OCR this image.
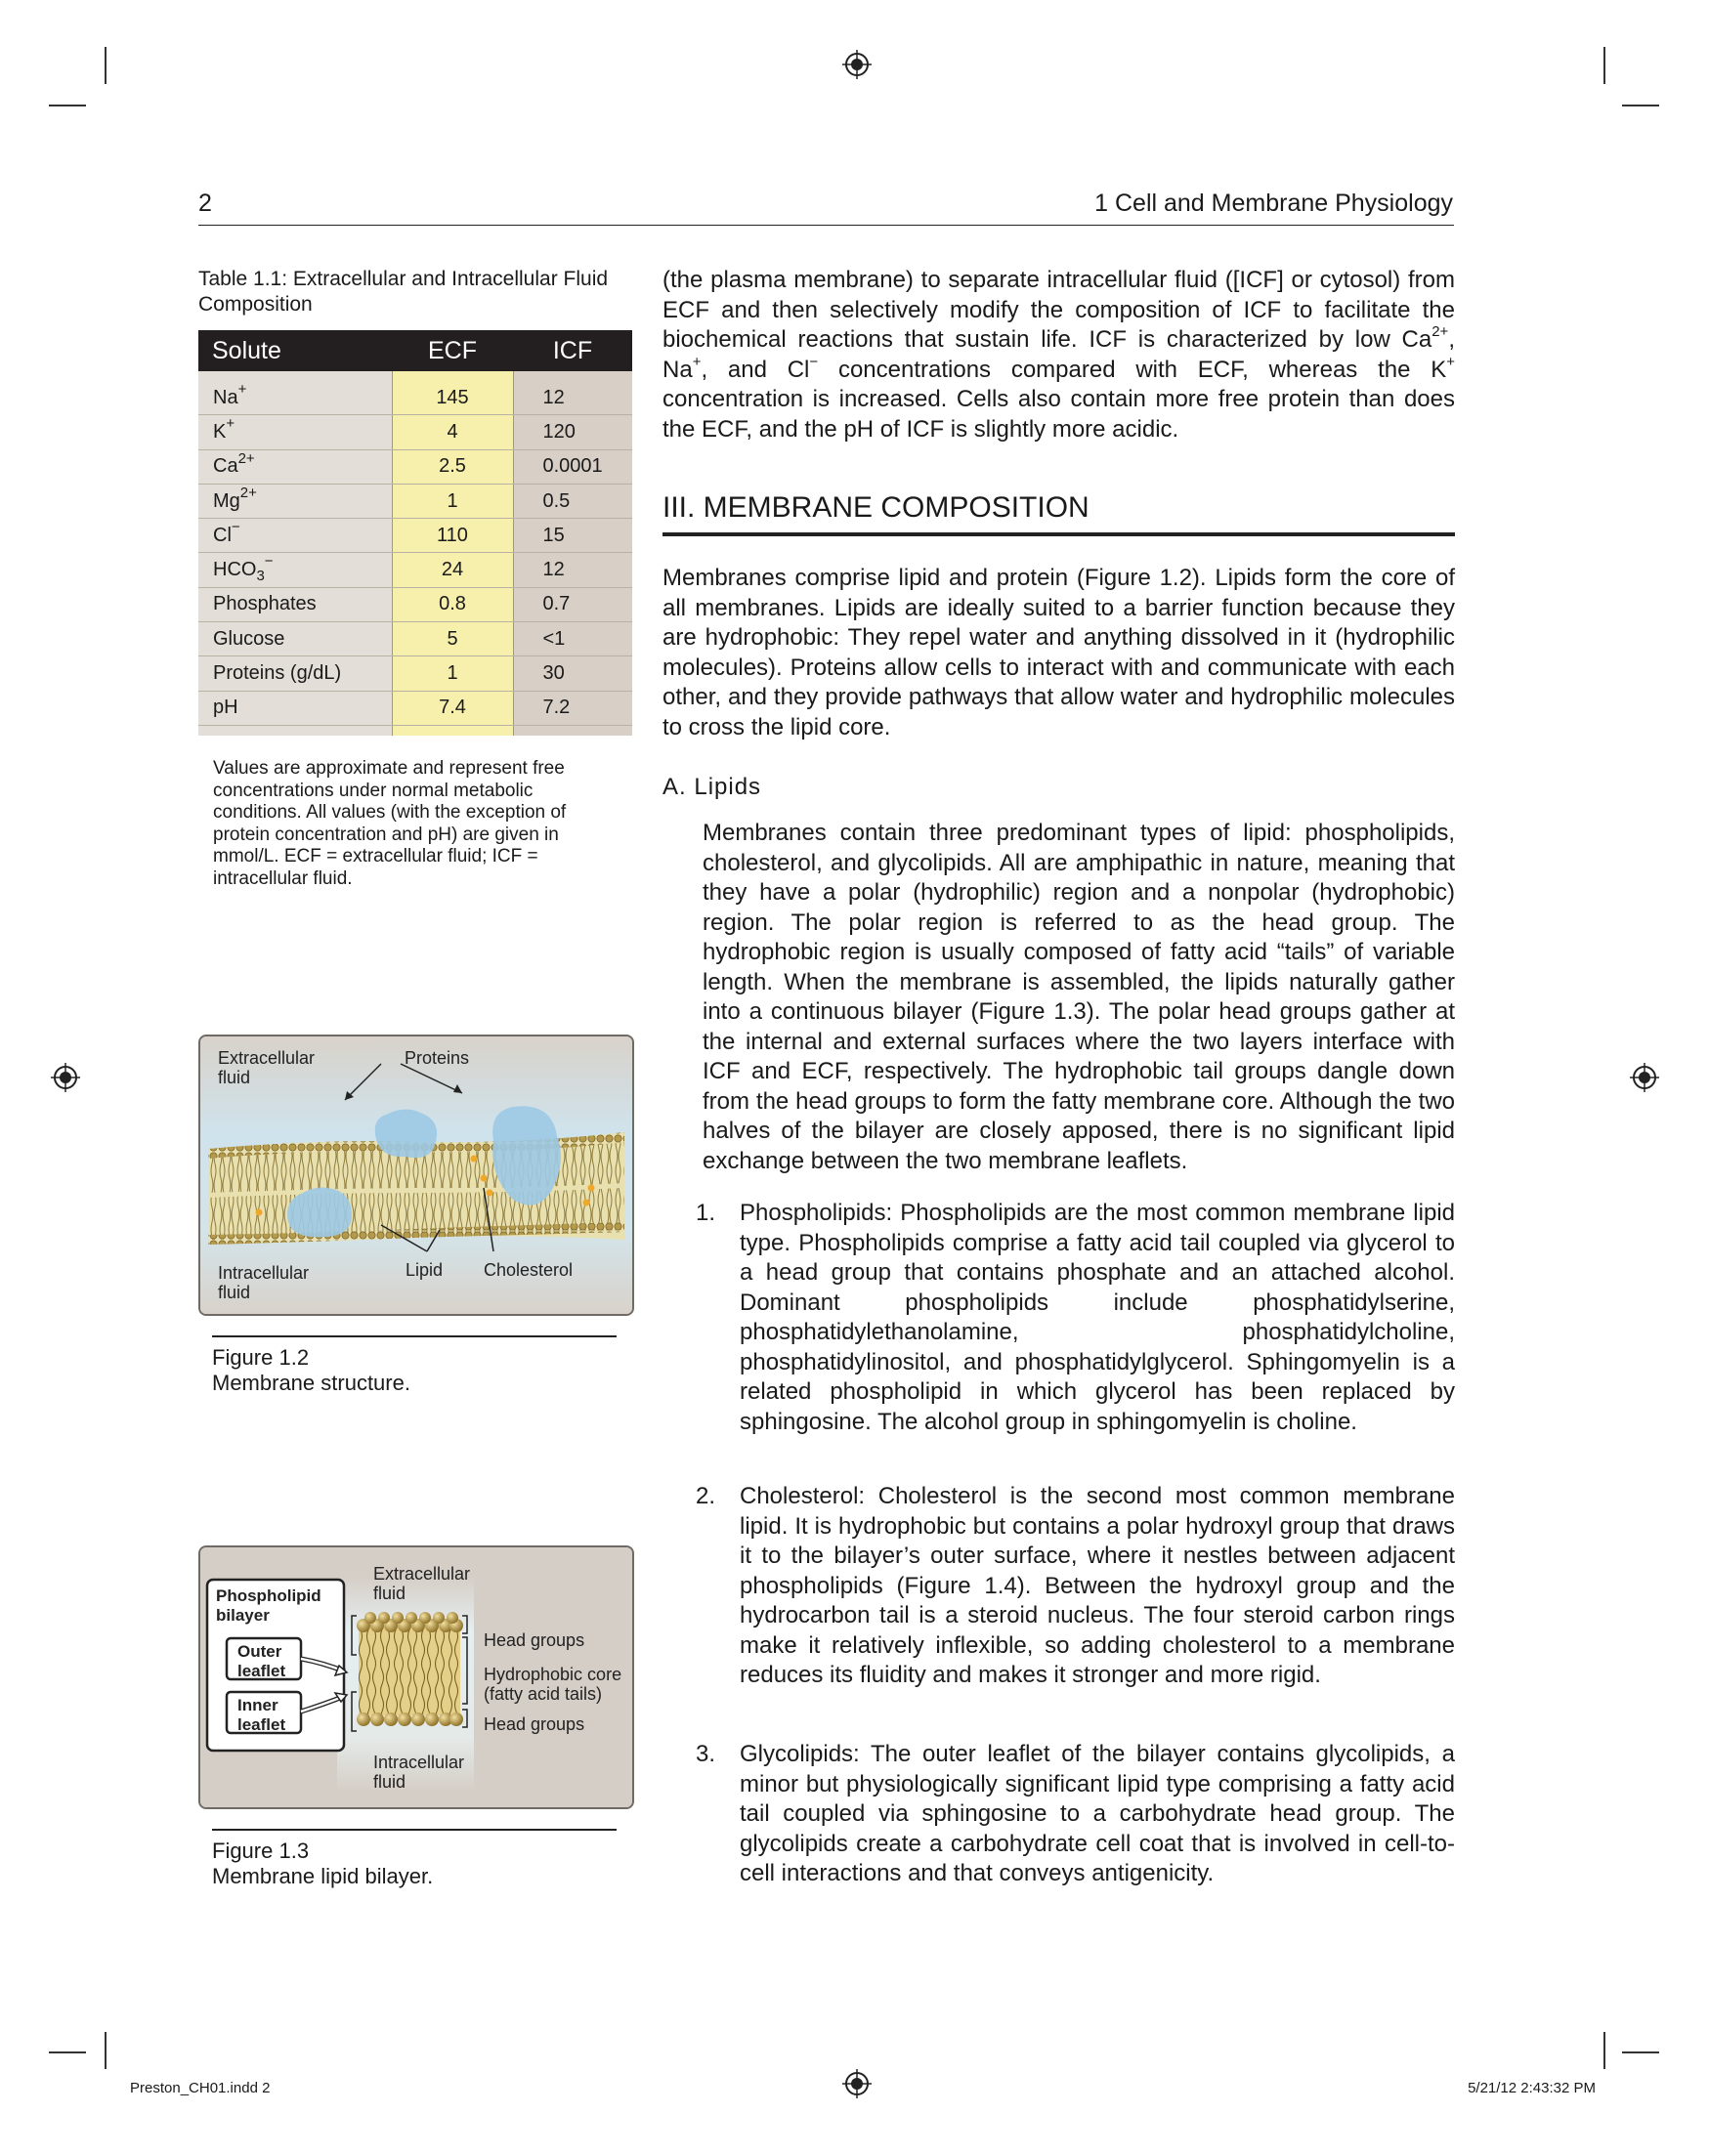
2	1 Cell and Membrane Physiology
Table 1.1: Extracellular and Intracellular Fluid Composition
Solute	ECF	ICF

Na+	145	12
K+	4	120
$Ca^{2+}$	2.5	0.0001
$Mg^{2+}$	1	0.5
Cl−	110	15
$HCO_3^-$	24	12
Phosphates	0.8	0.7
Glucose	5	<1
Proteins (g/dL)	1	30
pH	7.4	7.2

Values are approximate and represent free concentrations under normal metabolic conditions. All values (with the exception of protein concentration and pH) are given in mmol/L. ECF = extracellular fluid; ICF = intracellular fluid.
Extracellular fluid
Proteins
Intracellular fluid
Lipid Cholesterol
Figure 1.2
Membrane structure.
Phospholipid bilayer
Outer leaflet
Inner leaflet
Extracellular fluid
Intracellular fluid
Head groups
Hydrophobic core (fatty acid tails)
Head groups
Figure 1.3
Membrane lipid bilayer.
(the plasma membrane) to separate intracellular fluid ([ICF] or cytosol) from ECF and then selectively modify the composition of ICF to facilitate the biochemical reactions that sustain life. ICF is characterized by low $Ca^{2+}$, Na+, and Cl− concentrations compared with ECF, whereas the K+ concentration is increased. Cells also contain more free protein than does the ECF, and the pH of ICF is slightly more acidic.
III. MEMBRANE COMPOSITION
Membranes comprise lipid and protein (Figure 1.2). Lipids form the core of all membranes. Lipids are ideally suited to a barrier function because they are hydrophobic: They repel water and anything dissolved in it (hydrophilic molecules). Proteins allow cells to interact with and communicate with each other, and they provide pathways that allow water and hydrophilic molecules to cross the lipid core.
A. Lipids
Membranes contain three predominant types of lipid: phospholipids, cholesterol, and glycolipids. All are amphipathic in nature, meaning that they have a polar (hydrophilic) region and a nonpolar (hydrophobic) region. The polar region is referred to as the head group. The hydrophobic region is usually composed of fatty acid “tails” of variable length. When the membrane is assembled, the lipids naturally gather into a continuous bilayer (Figure 1.3). The polar head groups gather at the internal and external surfaces where the two layers interface with ICF and ECF, respectively. The hydrophobic tail groups dangle down from the head groups to form the fatty membrane core. Although the two halves of the bilayer are closely apposed, there is no significant lipid exchange between the two membrane leaflets.
1. Phospholipids: Phospholipids are the most common membrane lipid type. Phospholipids comprise a fatty acid tail coupled via glycerol to a head group that contains phosphate and an attached alcohol. Dominant phospholipids include phosphatidylserine, phosphatidylethanolamine, phosphatidylcholine, phosphatidylinositol, and phosphatidylglycerol. Sphingomyelin is a related phospholipid in which glycerol has been replaced by sphingosine. The alcohol group in sphingomyelin is choline.
2. Cholesterol: Cholesterol is the second most common membrane lipid. It is hydrophobic but contains a polar hydroxyl group that draws it to the bilayer’s outer surface, where it nestles between adjacent phospholipids (Figure 1.4). Between the hydroxyl group and the hydrocarbon tail is a steroid nucleus. The four steroid carbon rings make it relatively inflexible, so adding cholesterol to a membrane reduces its fluidity and makes it stronger and more rigid.
3. Glycolipids: The outer leaflet of the bilayer contains glycolipids, a minor but physiologically significant lipid type comprising a fatty acid tail coupled via sphingosine to a carbohydrate head group. The glycolipids create a carbohydrate cell coat that is involved in cell-to-cell interactions and that conveys antigenicity.
Preston_CH01.indd 2	5/21/12 2:43:32 PM
